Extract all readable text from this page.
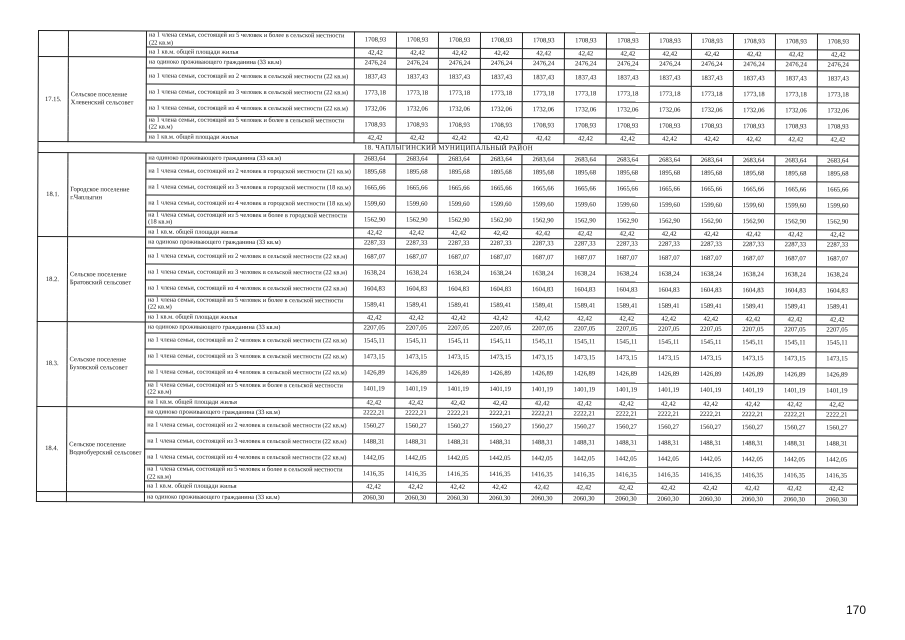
		на 1 члена семьи, состоящей из 5 человек и более в сельской местности (22 кв.м)	1708,93	1708,93	1708,93	1708,93	1708,93	1708,93	1708,93	1708,93	1708,93	1708,93	1708,93	1708,93
		на 1 кв.м. общей площади жилья	42,42	42,42	42,42	42,42	42,42	42,42	42,42	42,42	42,42	42,42	42,42	42,42
17.15.	Сельское поселение Хлевенский сельсовет	на одиноко проживающего гражданина (33 кв.м)	2476,24	2476,24	2476,24	2476,24	2476,24	2476,24	2476,24	2476,24	2476,24	2476,24	2476,24	2476,24
		на 1 члена семьи, состоящей из 2 человек в сельской местности (22 кв.м)	1837,43	1837,43	1837,43	1837,43	1837,43	1837,43	1837,43	1837,43	1837,43	1837,43	1837,43	1837,43
		на 1 члена семьи, состоящей из 3 человек в сельской местности (22 кв.м)	1773,18	1773,18	1773,18	1773,18	1773,18	1773,18	1773,18	1773,18	1773,18	1773,18	1773,18	1773,18
		на 1 члена семьи, состоящей из 4 человек в сельской местности (22 кв.м)	1732,06	1732,06	1732,06	1732,06	1732,06	1732,06	1732,06	1732,06	1732,06	1732,06	1732,06	1732,06
		на 1 члена семьи, состоящей из 5 человек и более в сельской местности (22 кв.м)	1708,93	1708,93	1708,93	1708,93	1708,93	1708,93	1708,93	1708,93	1708,93	1708,93	1708,93	1708,93
		на 1 кв.м. общей площади жилья	42,42	42,42	42,42	42,42	42,42	42,42	42,42	42,42	42,42	42,42	42,42	42,42
18. ЧАПЛЫГИНСКИЙ МУНИЦИПАЛЬНЫЙ РАЙОН														
18.1.	Городское поселение г.Чаплыгин	на одиноко проживающего гражданина (33 кв.м)	2683,64	2683,64	2683,64	2683,64	2683,64	2683,64	2683,64	2683,64	2683,64	2683,64	2683,64	2683,64
		на 1 члена семьи, состоящей из 2 человек в городской местности (21 кв.м)	1895,68	1895,68	1895,68	1895,68	1895,68	1895,68	1895,68	1895,68	1895,68	1895,68	1895,68	1895,68
		на 1 члена семьи, состоящей из 3 человек в городской местности (18 кв.м)	1665,66	1665,66	1665,66	1665,66	1665,66	1665,66	1665,66	1665,66	1665,66	1665,66	1665,66	1665,66
		на 1 члена семьи, состоящей из 4 человек в городской местности (18 кв.м)	1599,60	1599,60	1599,60	1599,60	1599,60	1599,60	1599,60	1599,60	1599,60	1599,60	1599,60	1599,60
		на 1 члена семьи, состоящей из 5 человек и более в городской местности (18 кв.м)	1562,90	1562,90	1562,90	1562,90	1562,90	1562,90	1562,90	1562,90	1562,90	1562,90	1562,90	1562,90
		на 1 кв.м. общей площади жилья	42,42	42,42	42,42	42,42	42,42	42,42	42,42	42,42	42,42	42,42	42,42	42,42
18.2.	Сельское поселение Братовский сельсовет	на одиноко проживающего гражданина (33 кв.м)	2287,33	2287,33	2287,33	2287,33	2287,33	2287,33	2287,33	2287,33	2287,33	2287,33	2287,33	2287,33
		на 1 члена семьи, состоящей из 2 человек в сельской местности (22 кв.м)	1687,07	1687,07	1687,07	1687,07	1687,07	1687,07	1687,07	1687,07	1687,07	1687,07	1687,07	1687,07
		на 1 члена семьи, состоящей из 3 человек в сельской местности (22 кв.м)	1638,24	1638,24	1638,24	1638,24	1638,24	1638,24	1638,24	1638,24	1638,24	1638,24	1638,24	1638,24
		на 1 члена семьи, состоящей из 4 человек в сельской местности (22 кв.м)	1604,83	1604,83	1604,83	1604,83	1604,83	1604,83	1604,83	1604,83	1604,83	1604,83	1604,83	1604,83
		на 1 члена семьи, состоящей из 5 человек и более в сельской местности (22 кв.м)	1589,41	1589,41	1589,41	1589,41	1589,41	1589,41	1589,41	1589,41	1589,41	1589,41	1589,41	1589,41
		на 1 кв.м. общей площади жилья	42,42	42,42	42,42	42,42	42,42	42,42	42,42	42,42	42,42	42,42	42,42	42,42
18.3.	Сельское поселение Буховской сельсовет	на одиноко проживающего гражданина (33 кв.м)	2207,05	2207,05	2207,05	2207,05	2207,05	2207,05	2207,05	2207,05	2207,05	2207,05	2207,05	2207,05
		на 1 члена семьи, состоящей из 2 человек в сельской местности (22 кв.м)	1545,11	1545,11	1545,11	1545,11	1545,11	1545,11	1545,11	1545,11	1545,11	1545,11	1545,11	1545,11
		на 1 члена семьи, состоящей из 3 человек в сельской местности (22 кв.м)	1473,15	1473,15	1473,15	1473,15	1473,15	1473,15	1473,15	1473,15	1473,15	1473,15	1473,15	1473,15
		на 1 члена семьи, состоящей из 4 человек в сельской местности (22 кв.м)	1426,89	1426,89	1426,89	1426,89	1426,89	1426,89	1426,89	1426,89	1426,89	1426,89	1426,89	1426,89
		на 1 члена семьи, состоящей из 5 человек и более в сельской местности (22 кв.м)	1401,19	1401,19	1401,19	1401,19	1401,19	1401,19	1401,19	1401,19	1401,19	1401,19	1401,19	1401,19
		на 1 кв.м. общей площади жилья	42,42	42,42	42,42	42,42	42,42	42,42	42,42	42,42	42,42	42,42	42,42	42,42
18.4.	Сельское поселение Воднобуерский сельсовет	на одиноко проживающего гражданина (33 кв.м)	2222,21	2222,21	2222,21	2222,21	2222,21	2222,21	2222,21	2222,21	2222,21	2222,21	2222,21	2222,21
		на 1 члена семьи, состоящей из 2 человек в сельской местности (22 кв.м)	1560,27	1560,27	1560,27	1560,27	1560,27	1560,27	1560,27	1560,27	1560,27	1560,27	1560,27	1560,27
		на 1 члена семьи, состоящей из 3 человек в сельской местности (22 кв.м)	1488,31	1488,31	1488,31	1488,31	1488,31	1488,31	1488,31	1488,31	1488,31	1488,31	1488,31	1488,31
		на 1 члена семьи, состоящей из 4 человек в сельской местности (22 кв.м)	1442,05	1442,05	1442,05	1442,05	1442,05	1442,05	1442,05	1442,05	1442,05	1442,05	1442,05	1442,05
		на 1 члена семьи, состоящей из 5 человек и более в сельской местности (22 кв.м)	1416,35	1416,35	1416,35	1416,35	1416,35	1416,35	1416,35	1416,35	1416,35	1416,35	1416,35	1416,35
		на 1 кв.м. общей площади жилья	42,42	42,42	42,42	42,42	42,42	42,42	42,42	42,42	42,42	42,42	42,42	42,42
		на одиноко проживающего гражданина (33 кв.м)	2060,30	2060,30	2060,30	2060,30	2060,30	2060,30	2060,30	2060,30	2060,30	2060,30	2060,30	2060,30
170
